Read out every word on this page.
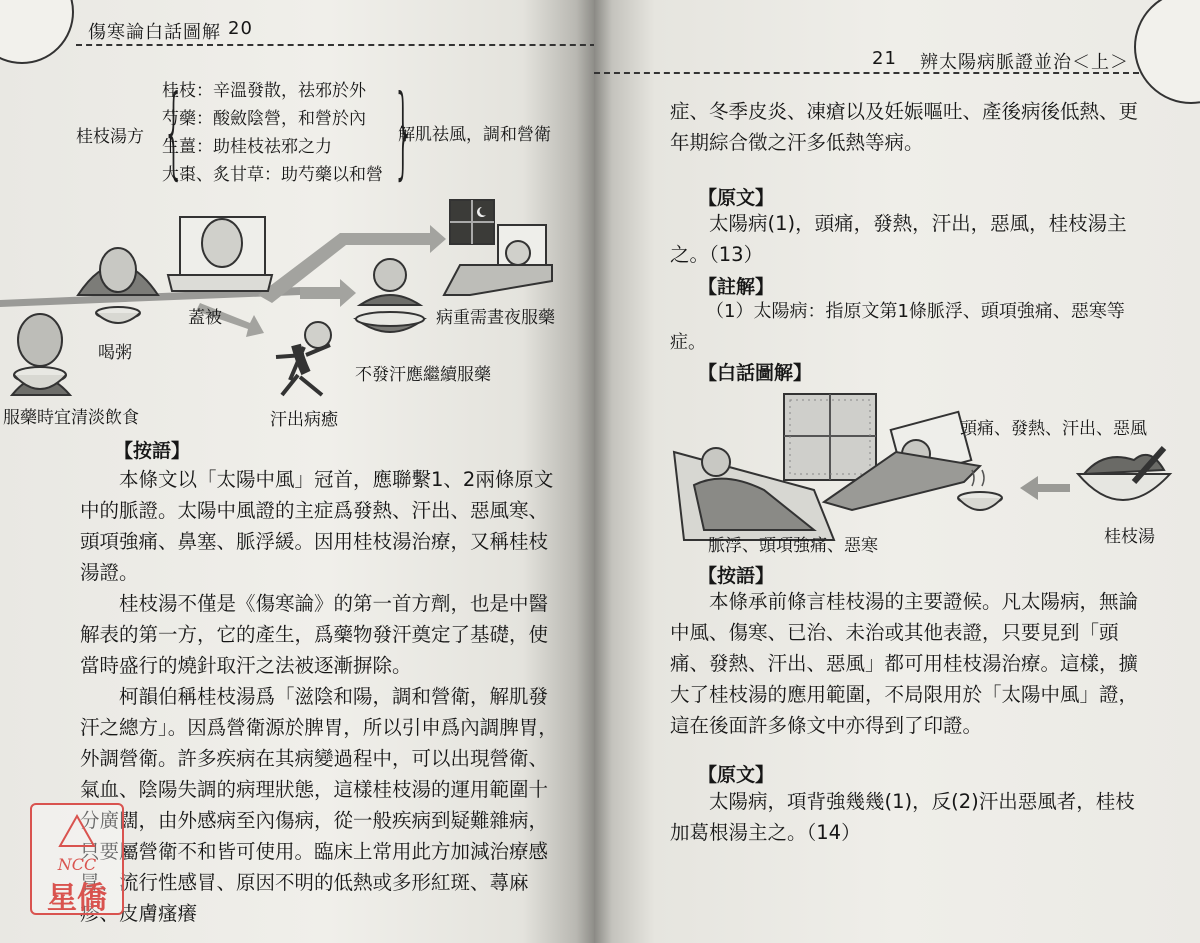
傷寒論白話圖解 20
桂枝湯方 {
桂枝：辛溫發散，祛邪於外
芍藥：酸斂陰營，和營於內
生薑：助桂枝祛邪之力
大棗、炙甘草：助芍藥以和營 }
解肌祛風，調和營衛
服藥時宜清淡飲食
喝粥
蓋被
汗出病癒
不發汗應繼續服藥
病重需晝夜服藥
【按語】

本條文以「太陽中風」冠首，應聯繫1、2兩條原文中的脈證。太陽中風證的主症爲發熱、汗出、惡風寒、頭項強痛、鼻塞、脈浮緩。因用桂枝湯治療，又稱桂枝湯證。

桂枝湯不僅是《傷寒論》的第一首方劑，也是中醫解表的第一方，它的產生，爲藥物發汗奠定了基礎，使當時盛行的燒針取汗之法被逐漸摒除。

柯韻伯稱桂枝湯爲「滋陰和陽，調和營衛，解肌發汗之總方」。因爲營衛源於脾胃，所以引申爲內調脾胃，外調營衛。許多疾病在其病變過程中，可以出現營衛、氣血、陰陽失調的病理狀態，這樣桂枝湯的運用範圍十分廣闊，由外感病至內傷病，從一般疾病到疑難雜病，只要屬營衛不和皆可使用。臨床上常用此方加減治療感冒、流行性感冒、原因不明的低熱或多形紅斑、蕁麻疹、皮膚瘙癢

NCC
星僑
21 辨太陽病脈證並治＜上＞

症、冬季皮炎、凍瘡以及妊娠嘔吐、產後病後低熱、更年期綜合徵之汗多低熱等病。

【原文】

太陽病(1)，頭痛，發熱，汗出，惡風，桂枝湯主之。（13）

【註解】

（1）太陽病：指原文第1條脈浮、頭項強痛、惡寒等症。

【白話圖解】
頭痛、發熱、汗出、惡風
脈浮、頭項強痛、惡寒	桂枝湯
【按語】

本條承前條言桂枝湯的主要證候。凡太陽病，無論中風、傷寒、已治、未治或其他表證，只要見到「頭痛、發熱、汗出、惡風」都可用桂枝湯治療。這樣，擴大了桂枝湯的應用範圍，不局限用於「太陽中風」證，這在後面許多條文中亦得到了印證。

【原文】

太陽病，項背強幾幾(1)，反(2)汗出惡風者，桂枝加葛根湯主之。（14）
